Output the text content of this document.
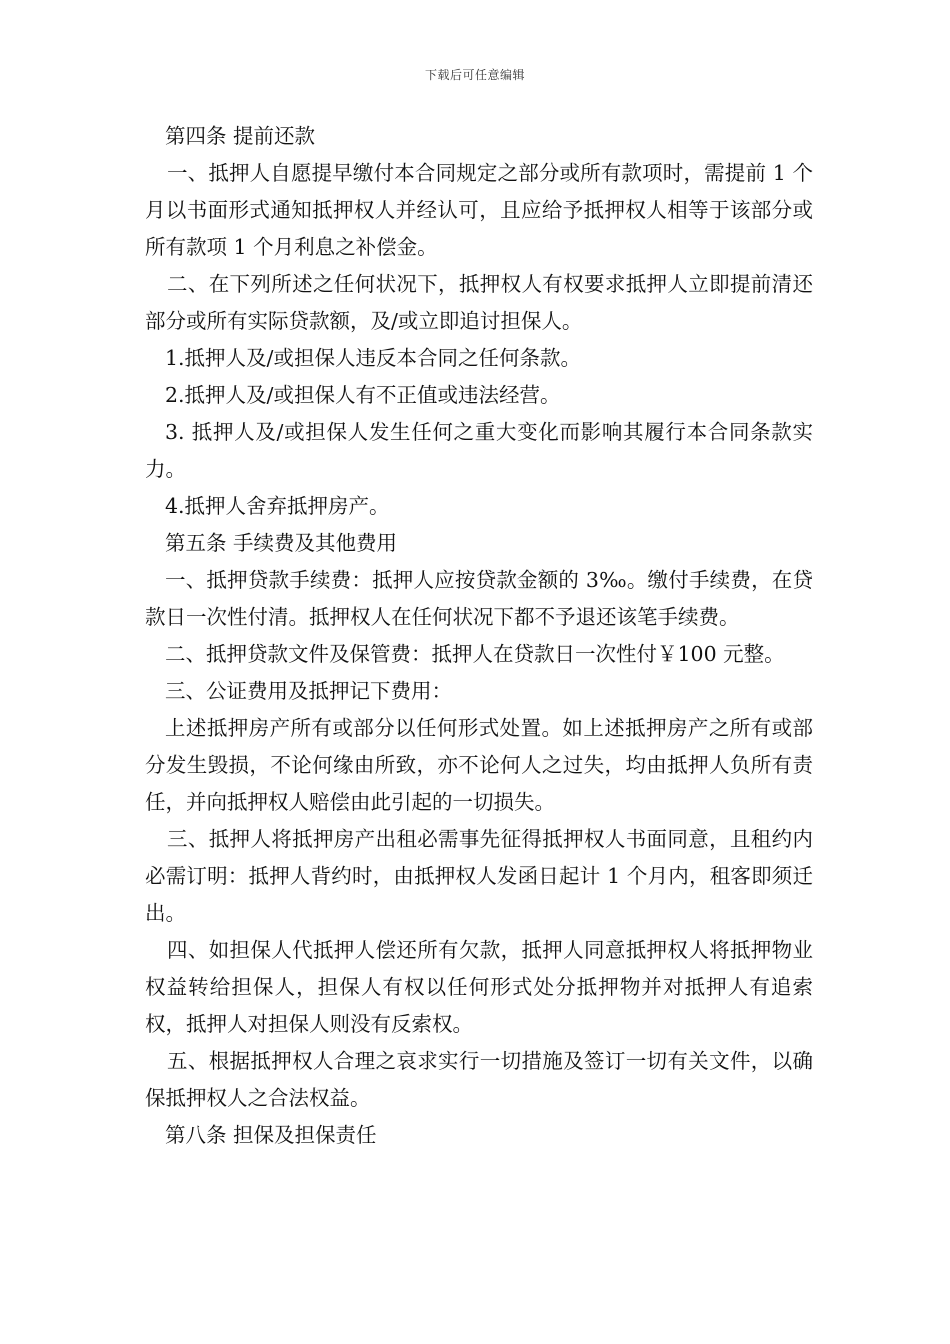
下载后可任意编辑

第四条 提前还款

一、抵押人自愿提早缴付本合同规定之部分或所有款项时，需提前 1 个月以书面形式通知抵押权人并经认可，且应给予抵押权人相等于该部分或所有款项 1 个月利息之补偿金。

二、在下列所述之任何状况下，抵押权人有权要求抵押人立即提前清还部分或所有实际贷款额，及/或立即追讨担保人。

1.抵押人及/或担保人违反本合同之任何条款。

2.抵押人及/或担保人有不正值或违法经营。

3. 抵押人及/或担保人发生任何之重大变化而影响其履行本合同条款实力。

4.抵押人舍弃抵押房产。

第五条 手续费及其他费用

一、抵押贷款手续费：抵押人应按贷款金额的 3‰。缴付手续费，在贷款日一次性付清。抵押权人在任何状况下都不予退还该笔手续费。

二、抵押贷款文件及保管费：抵押人在贷款日一次性付￥100 元整。

三、公证费用及抵押记下费用：

上述抵押房产所有或部分以任何形式处置。如上述抵押房产之所有或部分发生毁损，不论何缘由所致，亦不论何人之过失，均由抵押人负所有责任，并向抵押权人赔偿由此引起的一切损失。

三、抵押人将抵押房产出租必需事先征得抵押权人书面同意，且租约内必需订明：抵押人背约时，由抵押权人发函日起计 1 个月内，租客即须迁出。

四、如担保人代抵押人偿还所有欠款，抵押人同意抵押权人将抵押物业权益转给担保人，担保人有权以任何形式处分抵押物并对抵押人有追索权，抵押人对担保人则没有反索权。

五、根据抵押权人合理之哀求实行一切措施及签订一切有关文件，以确保抵押权人之合法权益。

第八条 担保及担保责任
